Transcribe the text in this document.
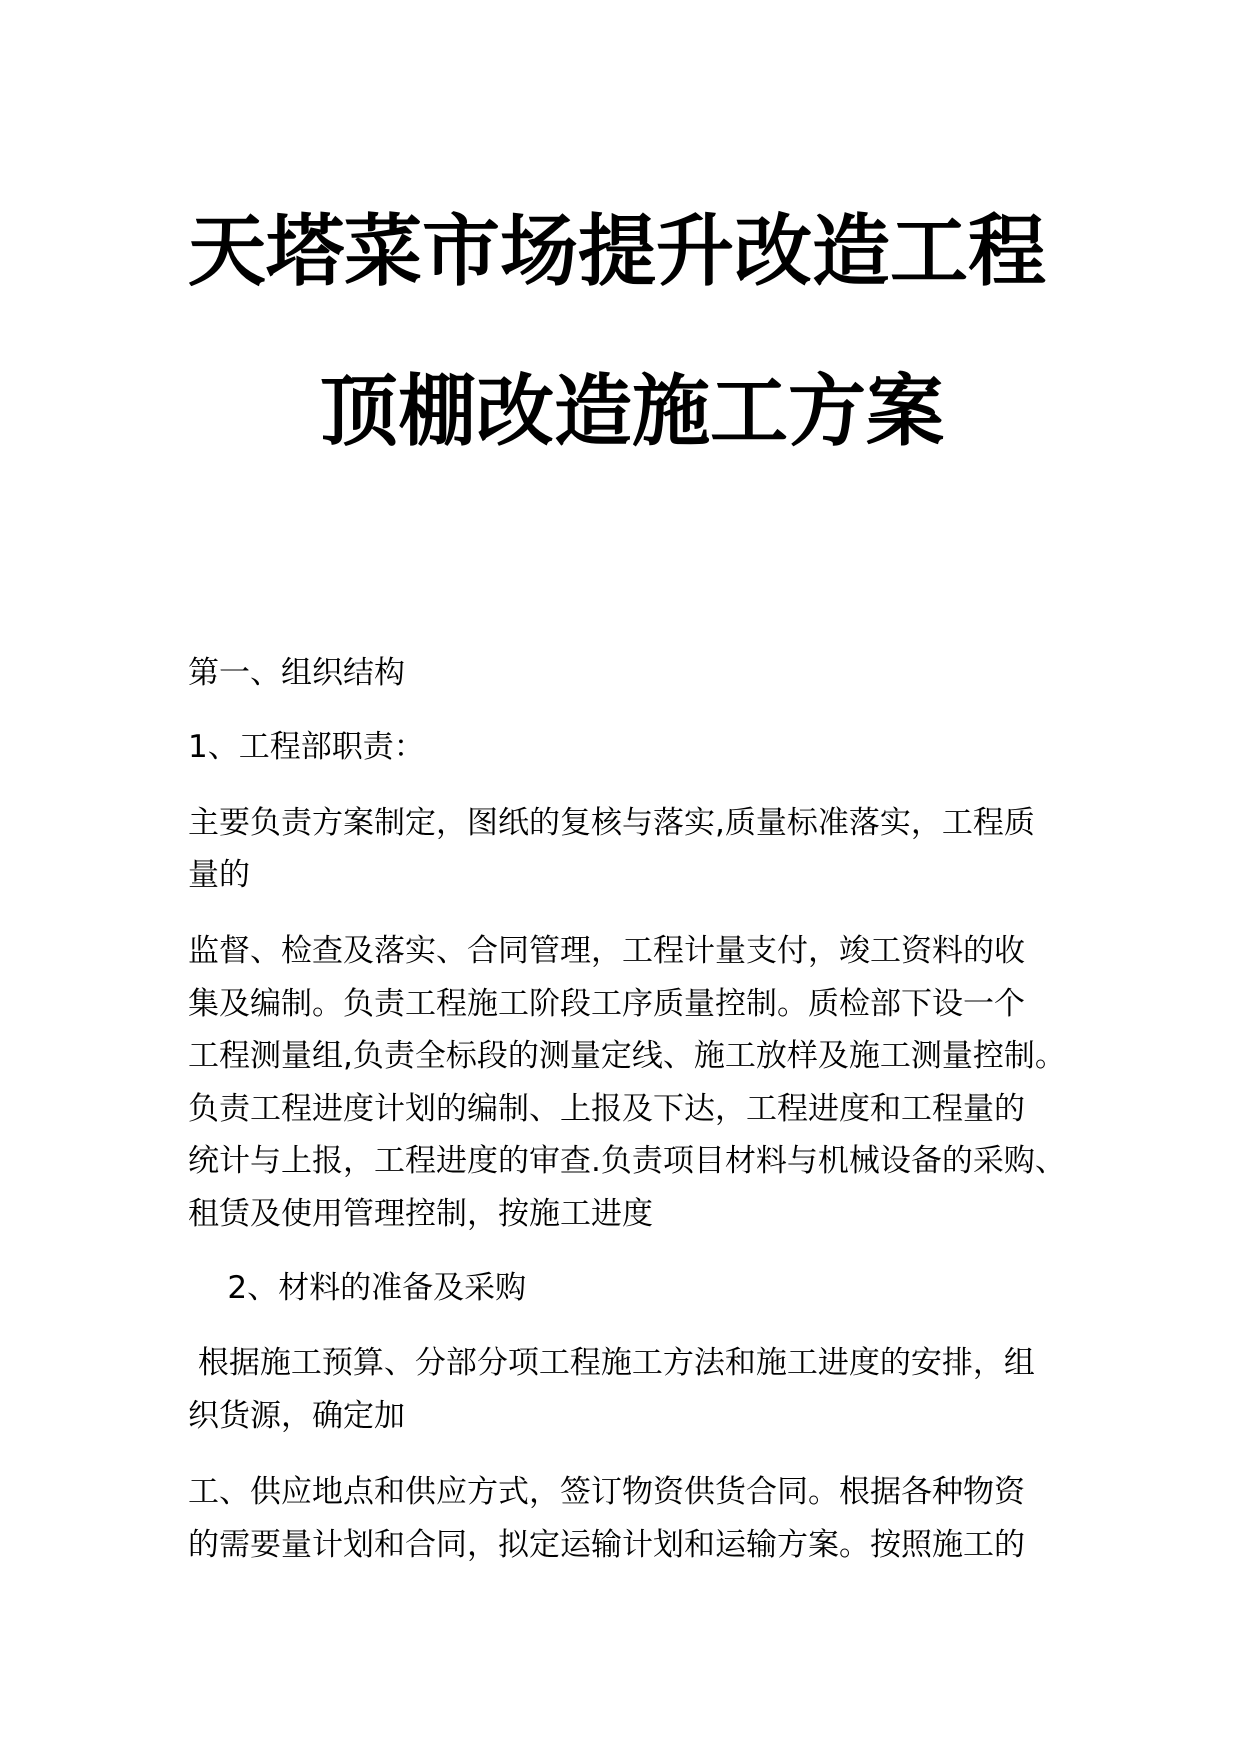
天塔菜市场提升改造工程
顶棚改造施工方案

第一、组织结构

1、工程部职责：

主要负责方案制定，图纸的复核与落实,质量标准落实，工程质

量的

监督、检查及落实、合同管理，工程计量支付，竣工资料的收

集及编制。负责工程施工阶段工序质量控制。质检部下设一个

工程测量组,负责全标段的测量定线、施工放样及施工测量控制。

负责工程进度计划的编制、上报及下达，工程进度和工程量的

统计与上报，工程进度的审查.负责项目材料与机械设备的采购、

租赁及使用管理控制，按施工进度

2、材料的准备及采购

根据施工预算、分部分项工程施工方法和施工进度的安排，组

织货源，确定加

工、供应地点和供应方式，签订物资供货合同。根据各种物资

的需要量计划和合同，拟定运输计划和运输方案。按照施工的
